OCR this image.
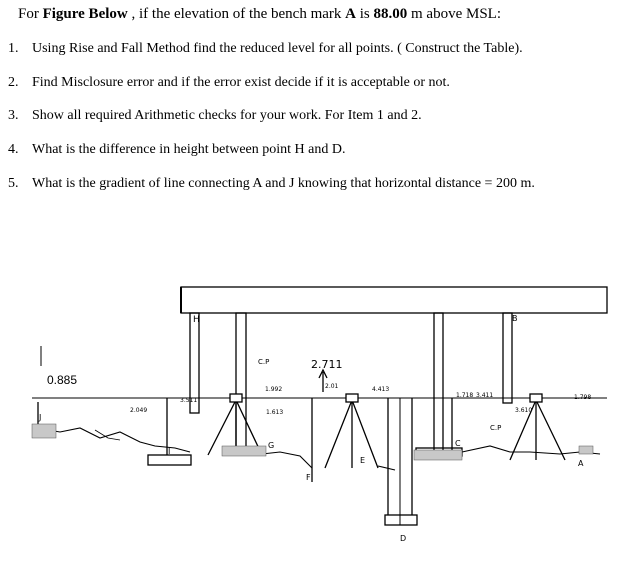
For Figure Below , if the elevation of the bench mark A is 88.00 m above MSL:
1. Using Rise and Fall Method find the reduced level for all points. ( Construct the Table).
2. Find Misclosure error and if the error exist decide if it is acceptable or not.
3. Show all required Arithmetic checks for your work. For Item 1 and 2.
4. What is the difference in height between point H and D.
5. What is the gradient of line connecting A and J knowing that horizontal distance = 200 m.
H	B
C.P	2.711
0.885
1.992	2.01	4.413
1.718 3.411	1.798
3.511
2.049	1.613	3.610
J
C.P
G	C
I
E	A
F
D
